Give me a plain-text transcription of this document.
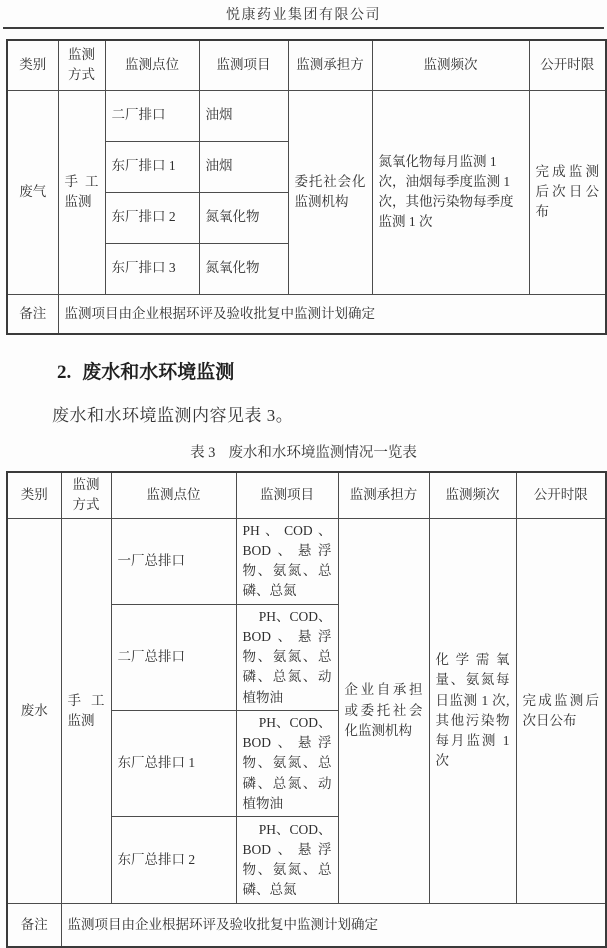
悦康药业集团有限公司
类别	监测方式	监测点位	监测项目	监测承担方	监测频次	公开时限
废气	手工监测	二厂排口	油烟	委托社会化监测机构	氮氧化物每月监测 1 次，油烟每季度监测 1 次，其他污染物每季度监测 1 次	完成监测后次日公布
		东厂排口 1	油烟			
		东厂排口 2	氮氧化物			
		东厂排口 3	氮氧化物			
备注	监测项目由企业根据环评及验收批复中监测计划确定					
2. 废水和水环境监测
废水和水环境监测内容见表 3。
表 3 废水和水环境监测情况一览表
类别	监测方式	监测点位	监测项目	监测承担方	监测频次	公开时限
废水	手工监测	一厂总排口	PH、COD、BOD、悬浮物、氨氮、总磷、总氮	企业自承担或委托社会化监测机构	化学需氧量、氨氮每日监测 1 次,其他污染物每月监测 1 次	完成监测后次日公布
		二厂总排口	PH、COD、BOD、悬浮物、氨氮、总磷、总氮、动植物油			
		东厂总排口 1	PH、COD、BOD、悬浮物、氨氮、总磷、总氮、动植物油			
		东厂总排口 2	PH、COD、BOD、悬浮物、氨氮、总磷、总氮			
备注	监测项目由企业根据环评及验收批复中监测计划确定					
